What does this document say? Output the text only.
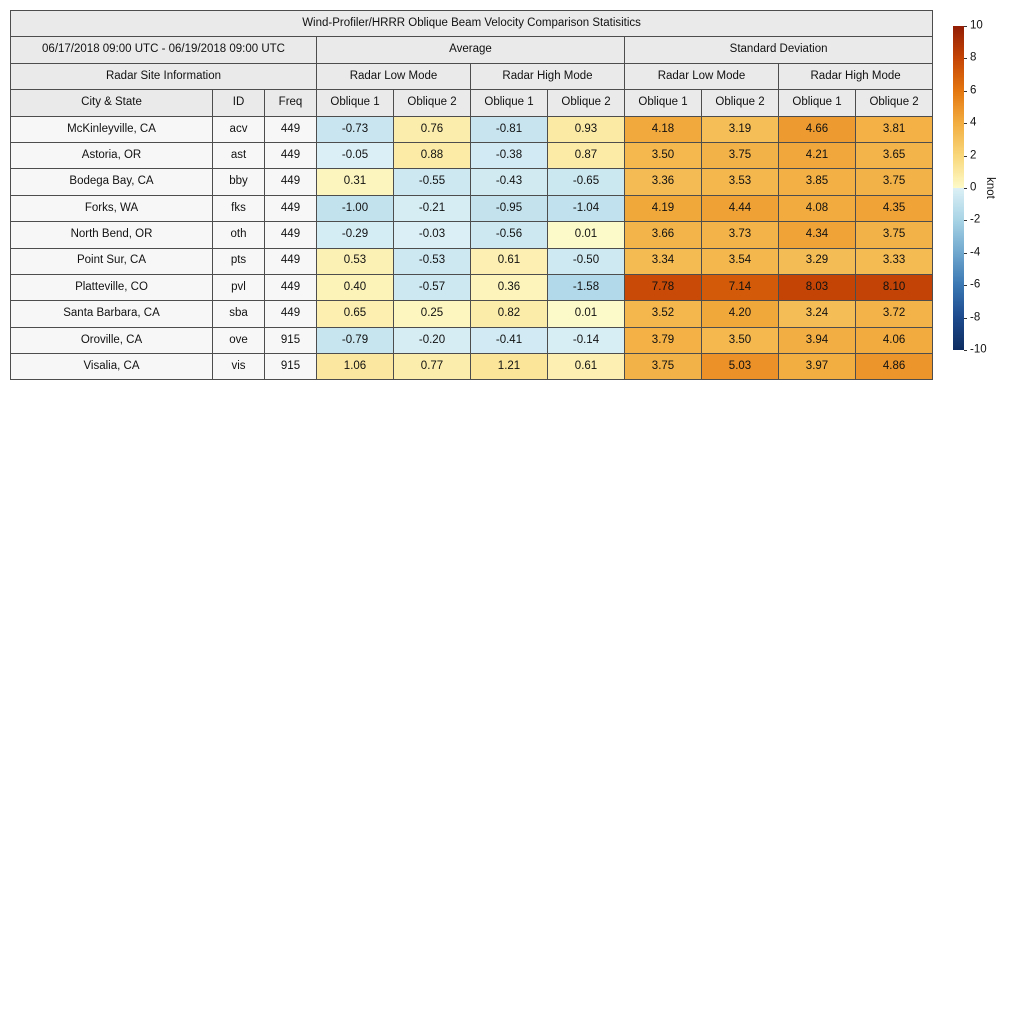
Wind-Profiler/HRRR Oblique Beam Velocity Comparison Statisitics										
06/17/2018 09:00 UTC - 06/19/2018 09:00 UTC			Average				Standard Deviation			
Radar Site Information			Radar Low Mode		Radar High Mode		Radar Low Mode		Radar High Mode	
City & State	ID	Freq	Oblique 1	Oblique 2	Oblique 1	Oblique 2	Oblique 1	Oblique 2	Oblique 1	Oblique 2
McKinleyville, CA	acv	449	-0.73	0.76	-0.81	0.93	4.18	3.19	4.66	3.81
Astoria, OR	ast	449	-0.05	0.88	-0.38	0.87	3.50	3.75	4.21	3.65
Bodega Bay, CA	bby	449	0.31	-0.55	-0.43	-0.65	3.36	3.53	3.85	3.75
Forks, WA	fks	449	-1.00	-0.21	-0.95	-1.04	4.19	4.44	4.08	4.35
North Bend, OR	oth	449	-0.29	-0.03	-0.56	0.01	3.66	3.73	4.34	3.75
Point Sur, CA	pts	449	0.53	-0.53	0.61	-0.50	3.34	3.54	3.29	3.33
Platteville, CO	pvl	449	0.40	-0.57	0.36	-1.58	7.78	7.14	8.03	8.10
Santa Barbara, CA	sba	449	0.65	0.25	0.82	0.01	3.52	4.20	3.24	3.72
Oroville, CA	ove	915	-0.79	-0.20	-0.41	-0.14	3.79	3.50	3.94	4.06
Visalia, CA	vis	915	1.06	0.77	1.21	0.61	3.75	5.03	3.97	4.86
10
8
6
4
2
0
-2
-4
-6
-8
-10
knot
